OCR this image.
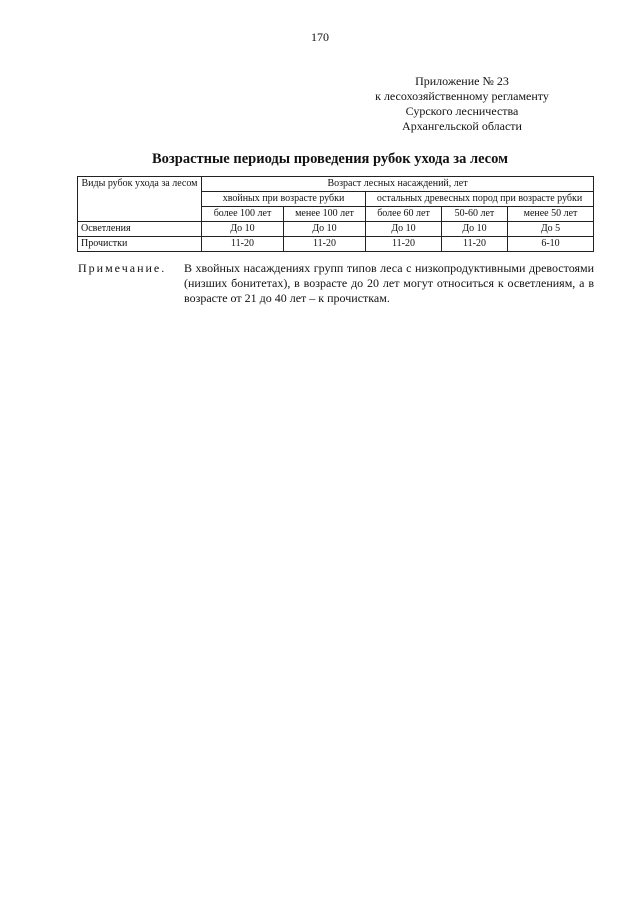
170
Приложение № 23
к лесохозяйственному регламенту
Сурского лесничества
Архангельской области
Возрастные периоды проведения рубок ухода за лесом
Виды рубок ухода за лесом	Возраст лесных насаждений, лет				
	хвойных при возрасте рубки		остальных древесных пород при возрасте рубки		
	более 100 лет	менее 100 лет	более 60 лет	50-60 лет	менее 50 лет
Осветления	До 10	До 10	До 10	До 10	До 5
Прочистки	11-20	11-20	11-20	11-20	6-10
Примечание. В хвойных насаждениях групп типов леса с низкопродуктивными древостоями (низших бонитетах), в возрасте до 20 лет могут относиться к осветлениям, а в возрасте от 21 до 40 лет – к прочисткам.
